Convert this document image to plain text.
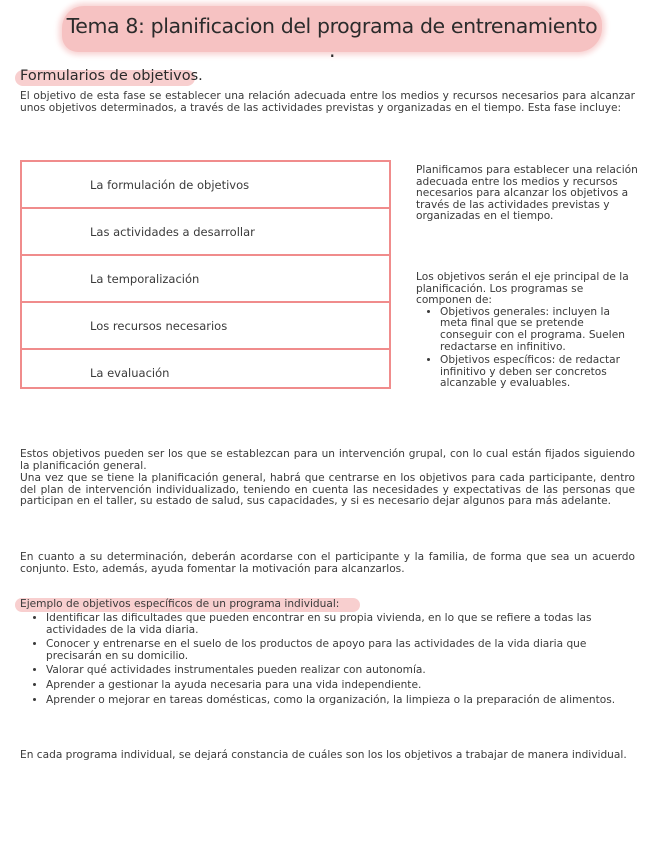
Tema 8: planificacion del programa de entrenamiento .
Formularios de objetivos.
El objetivo de esta fase se establecer una relación adecuada entre los medios y recursos necesarios para alcanzar unos objetivos determinados, a través de las actividades previstas y organizadas en el tiempo. Esta fase incluye:
La formulación de objetivos
Las actividades a desarrollar
La temporalización
Los recursos necesarios
La evaluación
Planificamos para establecer una relación adecuada entre los medios y recursos necesarios para alcanzar los objetivos a través de las actividades previstas y organizadas en el tiempo.
Los objetivos serán el eje principal de la planificación. Los programas se componen de:
• Objetivos generales: incluyen la meta final que se pretende conseguir con el programa. Suelen redactarse en infinitivo.
• Objetivos específicos: de redactar infinitivo y deben ser concretos alcanzable y evaluables.
Estos objetivos pueden ser los que se establezcan para un intervención grupal, con lo cual están fijados siguiendo la planificación general.
Una vez que se tiene la planificación general, habrá que centrarse en los objetivos para cada participante, dentro del plan de intervención individualizado, teniendo en cuenta las necesidades y expectativas de las personas que participan en el taller, su estado de salud, sus capacidades, y si es necesario dejar algunos para más adelante.
En cuanto a su determinación, deberán acordarse con el participante y la familia, de forma que sea un acuerdo conjunto. Esto, además, ayuda fomentar la motivación para alcanzarlos.
Ejemplo de objetivos específicos de un programa individual:
• Identificar las dificultades que pueden encontrar en su propia vivienda, en lo que se refiere a todas las actividades de la vida diaria.
• Conocer y entrenarse en el suelo de los productos de apoyo para las actividades de la vida diaria que precisarán en su domicilio.
• Valorar qué actividades instrumentales pueden realizar con autonomía.
• Aprender a gestionar la ayuda necesaria para una vida independiente.
• Aprender o mejorar en tareas domésticas, como la organización, la limpieza o la preparación de alimentos.
En cada programa individual, se dejará constancia de cuáles son los los objetivos a trabajar de manera individual.
